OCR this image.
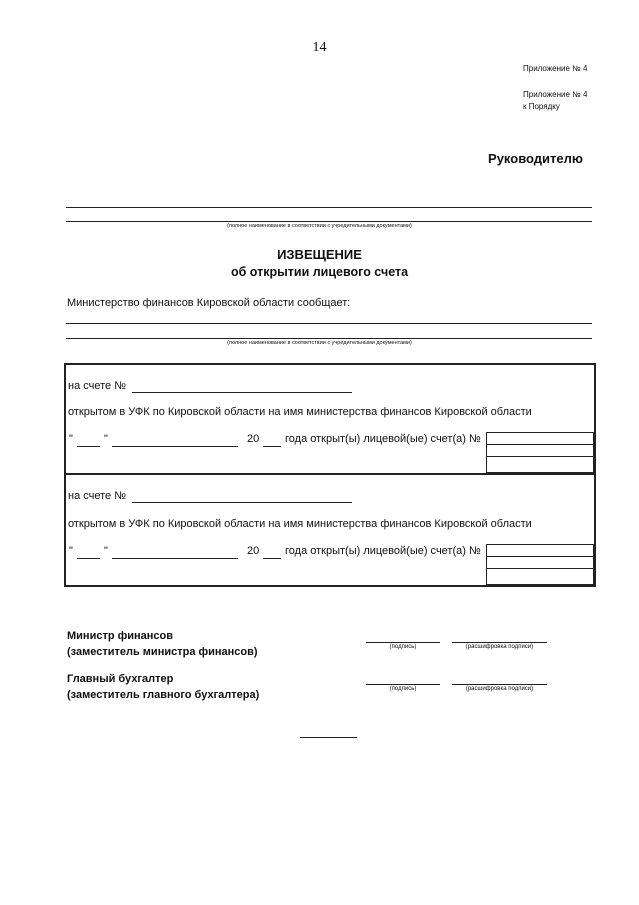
14
Приложение № 4
Приложение № 4
к Порядку
Руководителю
(полное наименование в соответствии с учредительными документами)
ИЗВЕЩЕНИЕ
об открытии лицевого счета
Министерство финансов Кировской области сообщает:
(полное наименование в соответствии с учредительными документами)
на счете №
открытом в УФК по Кировской области на имя министерства финансов Кировской области
"	"	20 года открыт(ы) лицевой(ые) счет(а) №
на счете №
открытом в УФК по Кировской области на имя министерства финансов Кировской области
"	"	20 года открыт(ы) лицевой(ые) счет(а) №
Министр финансов
(заместитель министра финансов)	(подпись)	(расшифровка подписи)
Главный бухгалтер
(заместитель главного бухгалтера)	(подпись)	(расшифровка подписи)
